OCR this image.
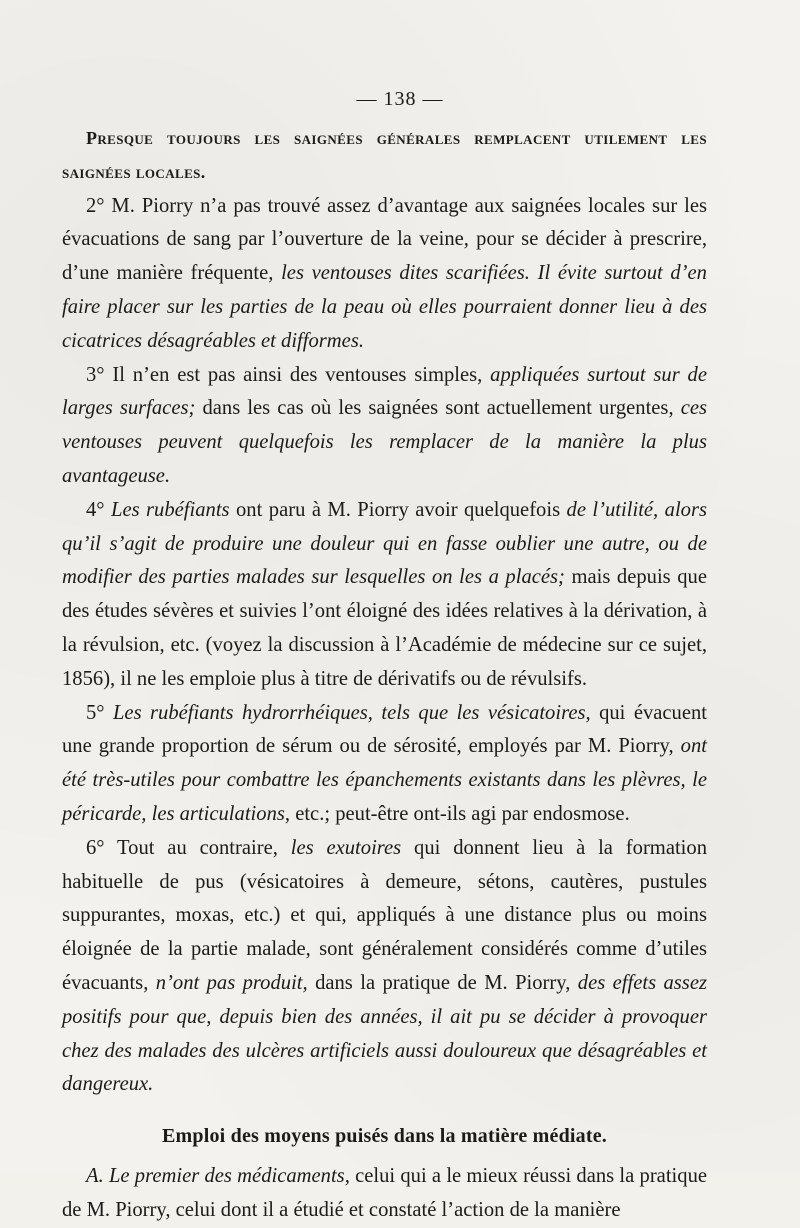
— 138 —

Presque toujours les saignées générales remplacent utilement les saignées locales.

2° M. Piorry n’a pas trouvé assez d’avantage aux saignées locales sur les évacuations de sang par l’ouverture de la veine, pour se décider à prescrire, d’une manière fréquente, les ventouses dites scarifiées. Il évite surtout d’en faire placer sur les parties de la peau où elles pourraient donner lieu à des cicatrices désagréables et difformes.

3° Il n’en est pas ainsi des ventouses simples, appliquées surtout sur de larges surfaces; dans les cas où les saignées sont actuellement urgentes, ces ventouses peuvent quelquefois les remplacer de la manière la plus avantageuse.

4° Les rubéfiants ont paru à M. Piorry avoir quelquefois de l’utilité, alors qu’il s’agit de produire une douleur qui en fasse oublier une autre, ou de modifier des parties malades sur lesquelles on les a placés; mais depuis que des études sévères et suivies l’ont éloigné des idées relatives à la dérivation, à la révulsion, etc. (voyez la discussion à l’Académie de médecine sur ce sujet, 1856), il ne les emploie plus à titre de dérivatifs ou de révulsifs.

5° Les rubéfiants hydrorrhéiques, tels que les vésicatoires, qui évacuent une grande proportion de sérum ou de sérosité, employés par M. Piorry, ont été très-utiles pour combattre les épanchements existants dans les plèvres, le péricarde, les articulations, etc.; peut-être ont-ils agi par endosmose.

6° Tout au contraire, les exutoires qui donnent lieu à la formation habituelle de pus (vésicatoires à demeure, sétons, cautères, pustules suppurantes, moxas, etc.) et qui, appliqués à une distance plus ou moins éloignée de la partie malade, sont généralement considérés comme d’utiles évacuants, n’ont pas produit, dans la pratique de M. Piorry, des effets assez positifs pour que, depuis bien des années, il ait pu se décider à provoquer chez des malades des ulcères artificiels aussi douloureux que désagréables et dangereux.

Emploi des moyens puisés dans la matière médiate.

A. Le premier des médicaments, celui qui a le mieux réussi dans la pratique de M. Piorry, celui dont il a étudié et constaté l’action de la manière
